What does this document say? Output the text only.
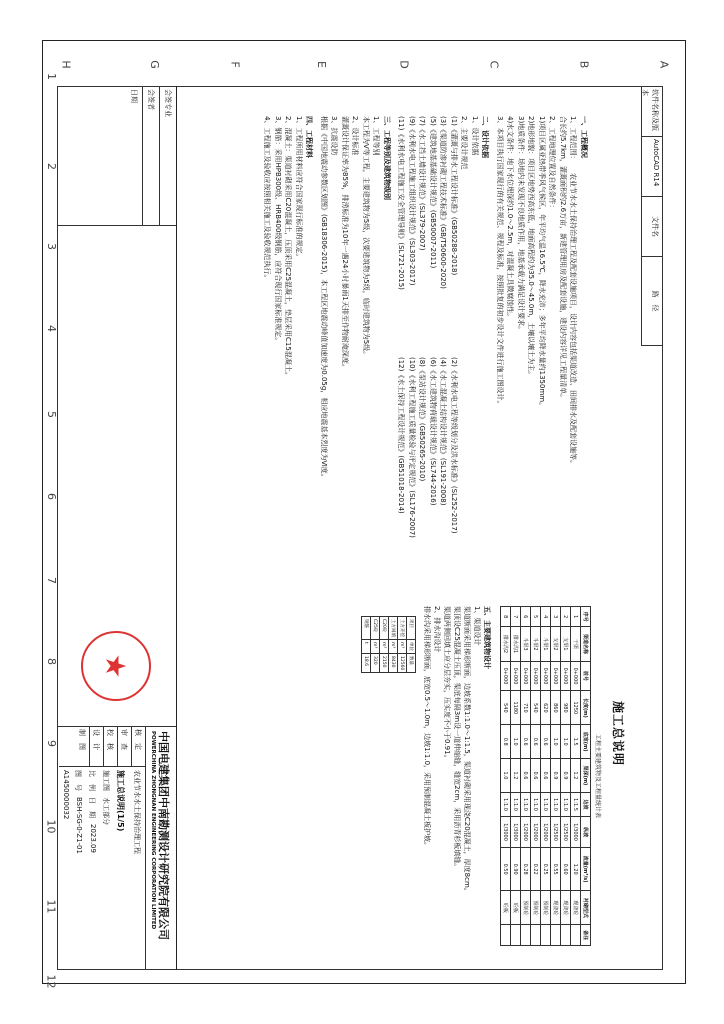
1
2
3
4
5
6
7
8
9
10
11
12
A
B
C
D
E
F
G
H
软件名称及版本
AutoCAD R14
文件名
路　径
施工总说明

一、工程概况

1、工程范围：　　农业节水水土保持治理工程及配套设施项目，设计内容包括渠道改造、田间排水及配套设施等。

合长约5.7km，灌溉面积约2.6万亩，新建管理用房及配套设施，建设内容详见工程量清单。

2、工程地理位置及自然条件：

1)项目区属亚热带季风气候区，年平均气温16.5℃，降水充沛；多年平均降水量约1350mm。

2)地形地貌：项目区地势西高东低，地面高程约为35.0～45.0m，土壤以壤土为主。

3)地质条件：场地内未发现不良地质作用，地基承载力满足设计要求。

4)水文条件：地下水位埋深约1.0～2.5m，对混凝土具微腐蚀性。

3、本项目执行国家现行的有关规范、规程及标准，按照批复的初步设计文件进行施工图设计。

二、设计依据

1、设计依据

2、主要设计规范

(1)《灌溉与排水工程设计标准》(GB50288-2018)

(3)《渠道防渗衬砌工程技术标准》(GB/T50600-2020)

(5)《建筑地基基础设计规范》(GB50007-2011)

(7)《水工挡土墙设计规范》(SL379-2007)

(9)《水利水电工程施工组织设计规范》(SL303-2017)

(11)《水利水电工程施工安全管理导则》(SL721-2015)

(2)《水利水电工程等级划分及洪水标准》(SL252-2017)

(4)《水工混凝土结构设计规范》(SL191-2008)

(6)《水工建筑物荷载设计规范》(SL744-2016)

(8)《泵站设计规范》(GB50265-2010)

(10)《水利工程施工质量检验与评定规范》(SL176-2007)

(12)《水土保持工程设计规范》(GB51018-2014)

三、工程等别及建筑物级别

1、工程等别

本工程为Ⅴ等工程，主要建筑物为5级，次要建筑物为5级，临时建筑物为5级。

2、设计标准

灌溉设计保证率为85%，排涝标准为10年一遇24小时暴雨1天排至作物耐淹深度。

3、抗震设防

根据《中国地震动参数区划图》(GB18306-2015)，本工程区地震动峰值加速度为0.05g，相应地震基本烈度为Ⅵ度。

四、工程材料

1、工程所用材料应符合国家现行标准的规定。

2、混凝土：渠道衬砌采用C20混凝土，压顶采用C25混凝土，垫层采用C15混凝土。

3、钢筋：采用HPB300级、HRB400级钢筋，应符合现行国家标准规定。

4、工程施工及验收应按照相关施工及验收规范执行。

工程主要建筑物及工程量统计表
序号	渠道名称	桩号	长度(m)	底宽(m)	渠深(m)	边坡	纵坡	流量(m³/s)	衬砌型式	备注
1	干渠	0+000	1250	1.5	1.2	1:1.5	1/3000	1.20	现浇砼	
2	支渠1	0+000	980	1.0	0.9	1:1.0	1/2500	0.60	现浇砼	
3	支渠2	0+000	860	1.0	0.9	1:1.0	1/2500	0.55	现浇砼	
4	斗渠1	0+000	620	0.6	0.6	1:1.0	1/2000	0.25	预制砼	
5	斗渠2	0+000	540	0.6	0.6	1:1.0	1/2000	0.22	预制砼	
6	斗渠3	0+000	710	0.6	0.6	1:1.0	1/2000	0.28	预制砼	
7	排水沟1	0+000	1180	1.0	1.2	1:1.0	1/3000	0.90	砼板	
8	排水沟2	0+000	540	0.8	1.0	1:1.0	1/3000	0.50	砼板	

五、主要建筑物设计

1、渠道设计

渠道断面采用梯形断面，边坡系数1:1.0～1:1.5，渠道衬砌采用现浇C20混凝土，厚度8cm。

渠顶设C25混凝土压顶，渠底每隔3m设一道伸缩缝，缝宽2cm，采用沥青杉板填缝。

渠道两侧回填土应分层夯实，压实度不小于0.91。

2、排水沟设计

排水沟采用梯形断面，底宽0.5～1.0m，边坡1:1.0，采用预制混凝土板护坡。

项目	单位	数量
土方开挖	m³	12560
土方回填	m³	8430
C20砼	m³	2150
C25砼	m³	320
钢筋	t	18.6
会签专业
会签者
日期
中国电建集团中南勘测设计研究院有限公司
POWERCHINA ZHONGNAN ENGINEERING CORPORATION LIMITED
核　定
审　查
校　核
设　计
制　图
农业节水水土保持治理工程
施工总说明(1/5)
施工图
水工部分
比　例
日　期
2023.09
图　号
BSH-SG-0-Z1-01
A1450000032
★
